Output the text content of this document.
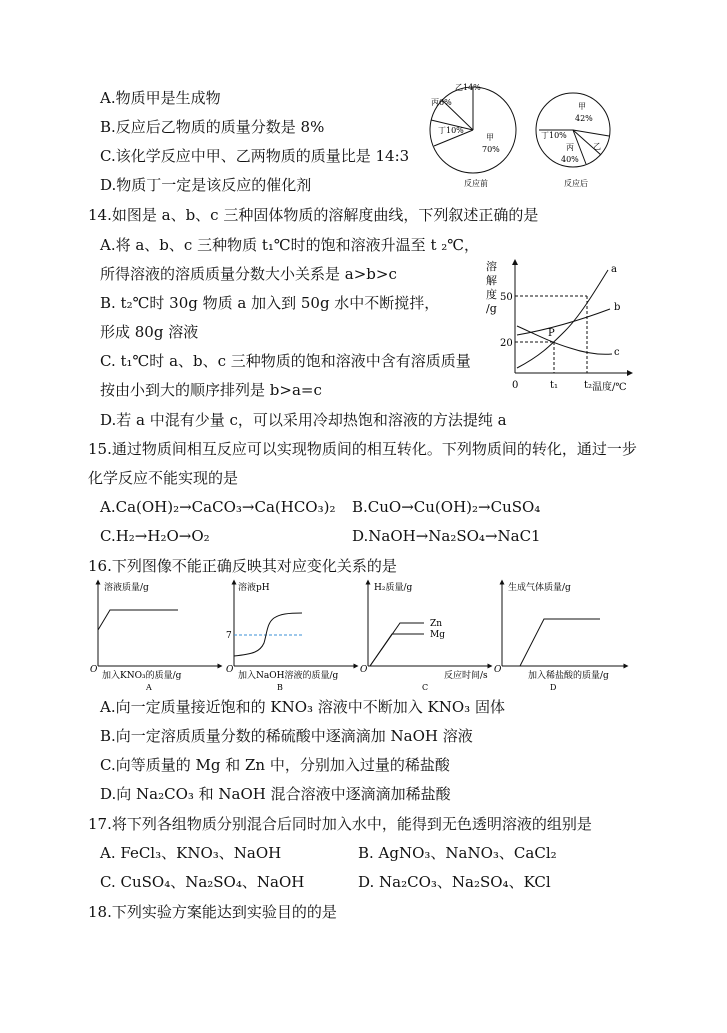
A.物质甲是生成物
B.反应后乙物质的质量分数是 8%
C.该化学反应中甲、乙两物质的质量比是 14:3
D.物质丁一定是该反应的催化剂
乙14%
丙6%
丁10%
甲
70%
反应前
甲
42%
丁10%
丙
40%
乙
反应后
14.如图是 a、b、c 三种固体物质的溶解度曲线，下列叙述正确的是
A.将 a、b、c 三种物质 t₁℃时的饱和溶液升温至 t ₂℃，
所得溶液的溶质质量分数大小关系是 a>b>c
B. t₂℃时 30g 物质 a 加入到 50g 水中不断搅拌，
形成 80g 溶液
C. t₁℃时 a、b、c 三种物质的饱和溶液中含有溶质质量
按由小到大的顺序排列是 b>a=c
D.若 a 中混有少量 c，可以采用冷却热饱和溶液的方法提纯 a
溶
解
度
/g
50
20
0	t₁	t₂ 温度/℃
a
b
c
P
15.通过物质间相互反应可以实现物质间的相互转化。下列物质间的转化，通过一步
化学反应不能实现的是
A.Ca(OH)₂→CaCO₃→Ca(HCO₃)₂ B.CuO→Cu(OH)₂→CuSO₄
C.H₂→H₂O→O₂	D.NaOH→Na₂SO₄→NaC1
16.下列图像不能正确反映其对应变化关系的是
溶液质量/g
O
加入KNO₃的质量/g
A
溶液pH
7
O
加入NaOH溶液的质量/g
B
H₂质量/g
Zn
Mg
O
反应时间/s
C
生成气体质量/g
O
加入稀盐酸的质量/g
D
A.向一定质量接近饱和的 KNO₃ 溶液中不断加入 KNO₃ 固体
B.向一定溶质质量分数的稀硫酸中逐滴滴加 NaOH 溶液
C.向等质量的 Mg 和 Zn 中，分别加入过量的稀盐酸
D.向 Na₂CO₃ 和 NaOH 混合溶液中逐滴滴加稀盐酸
17.将下列各组物质分别混合后同时加入水中，能得到无色透明溶液的组别是
A. FeCl₃、KNO₃、NaOH	B. AgNO₃、NaNO₃、CaCl₂
C. CuSO₄、Na₂SO₄、NaOH	D. Na₂CO₃、Na₂SO₄、KCl
18.下列实验方案能达到实验目的的是
